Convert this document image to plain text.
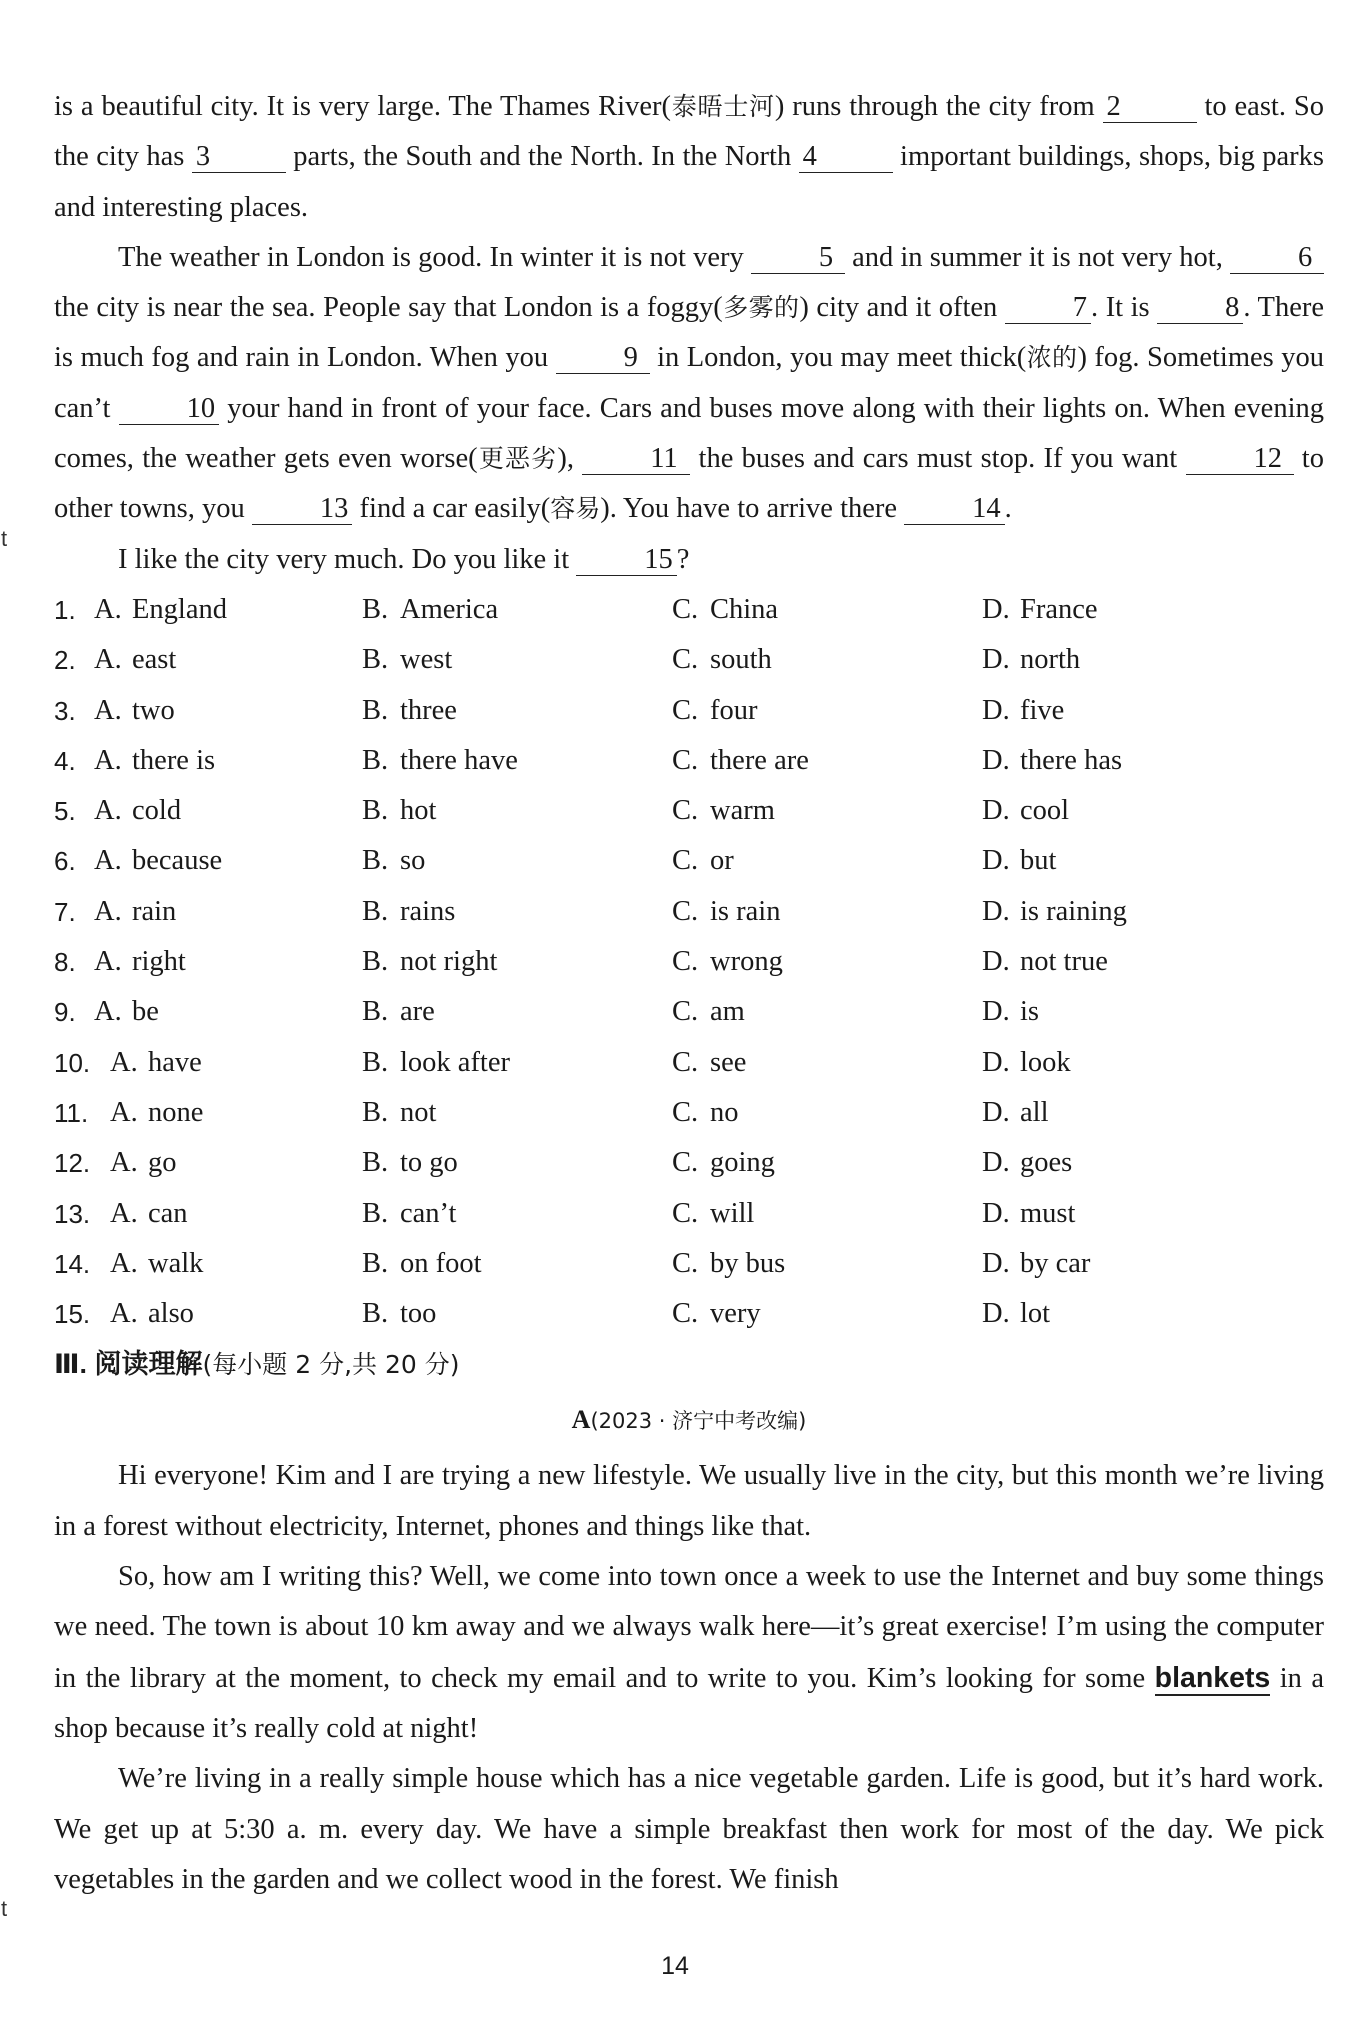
is a beautiful city. It is very large. The Thames River(泰晤士河) runs through the city from 2	to east. So the city has 3	parts, the South and the North. In the North 4	important buildings, shops, big parks and interesting places.

The weather in London is good. In winter it is not very 5 and in summer it is not very hot, 6 the city is near the sea. People say that London is a foggy(多雾的) city and it often 7 . It is 8 . There is much fog and rain in London. When you 9 in London, you may meet thick(浓的) fog. Sometimes you can’t 10 your hand in front of your face. Cars and buses move along with their lights on. When evening comes, the weather gets even worse(更恶劣), 11 the buses and cars must stop. If you want 12 to other towns, you 13 find a car easily(容易). You have to arrive there 14 .

I like the city very much. Do you like it 15 ?

1. A. England	B. America	C. China	D. France
2. A. east	B. west	C. south	D. north
3. A. two	B. three	C. four	D. five
4. A. there is	B. there have	C. there are	D. there has
5. A. cold	B. hot	C. warm	D. cool
6. A. because	B. so	C. or	D. but
7. A. rain	B. rains	C. is rain	D. is raining
8. A. right	B. not right	C. wrong	D. not true
9. A. be	B. are	C. am	D. is
10. A. have	B. look after	C. see	D. look
11. A. none	B. not	C. no	D. all
12. A. go	B. to go	C. going	D. goes
13. A. can	B. can’t	C. will	D. must
14. A. walk	B. on foot	C. by bus	D. by car
15. A. also	B. too	C. very	D. lot

Ⅲ. 阅读理解(每小题 2 分,共 20 分)

A(2023 · 济宁中考改编)

Hi everyone! Kim and I are trying a new lifestyle. We usually live in the city, but this month we’re living in a forest without electricity, Internet, phones and things like that.

So, how am I writing this? Well, we come into town once a week to use the Internet and buy some things we need. The town is about 10 km away and we always walk here—it’s great exercise! I’m using the computer in the library at the moment, to check my email and to write to you. Kim’s looking for some blankets in a shop because it’s really cold at night!

We’re living in a really simple house which has a nice vegetable garden. Life is good, but it’s hard work. We get up at 5:30 a. m. every day. We have a simple breakfast then work for most of the day. We pick vegetables in the garden and we collect wood in the forest. We finish

t
t
14
